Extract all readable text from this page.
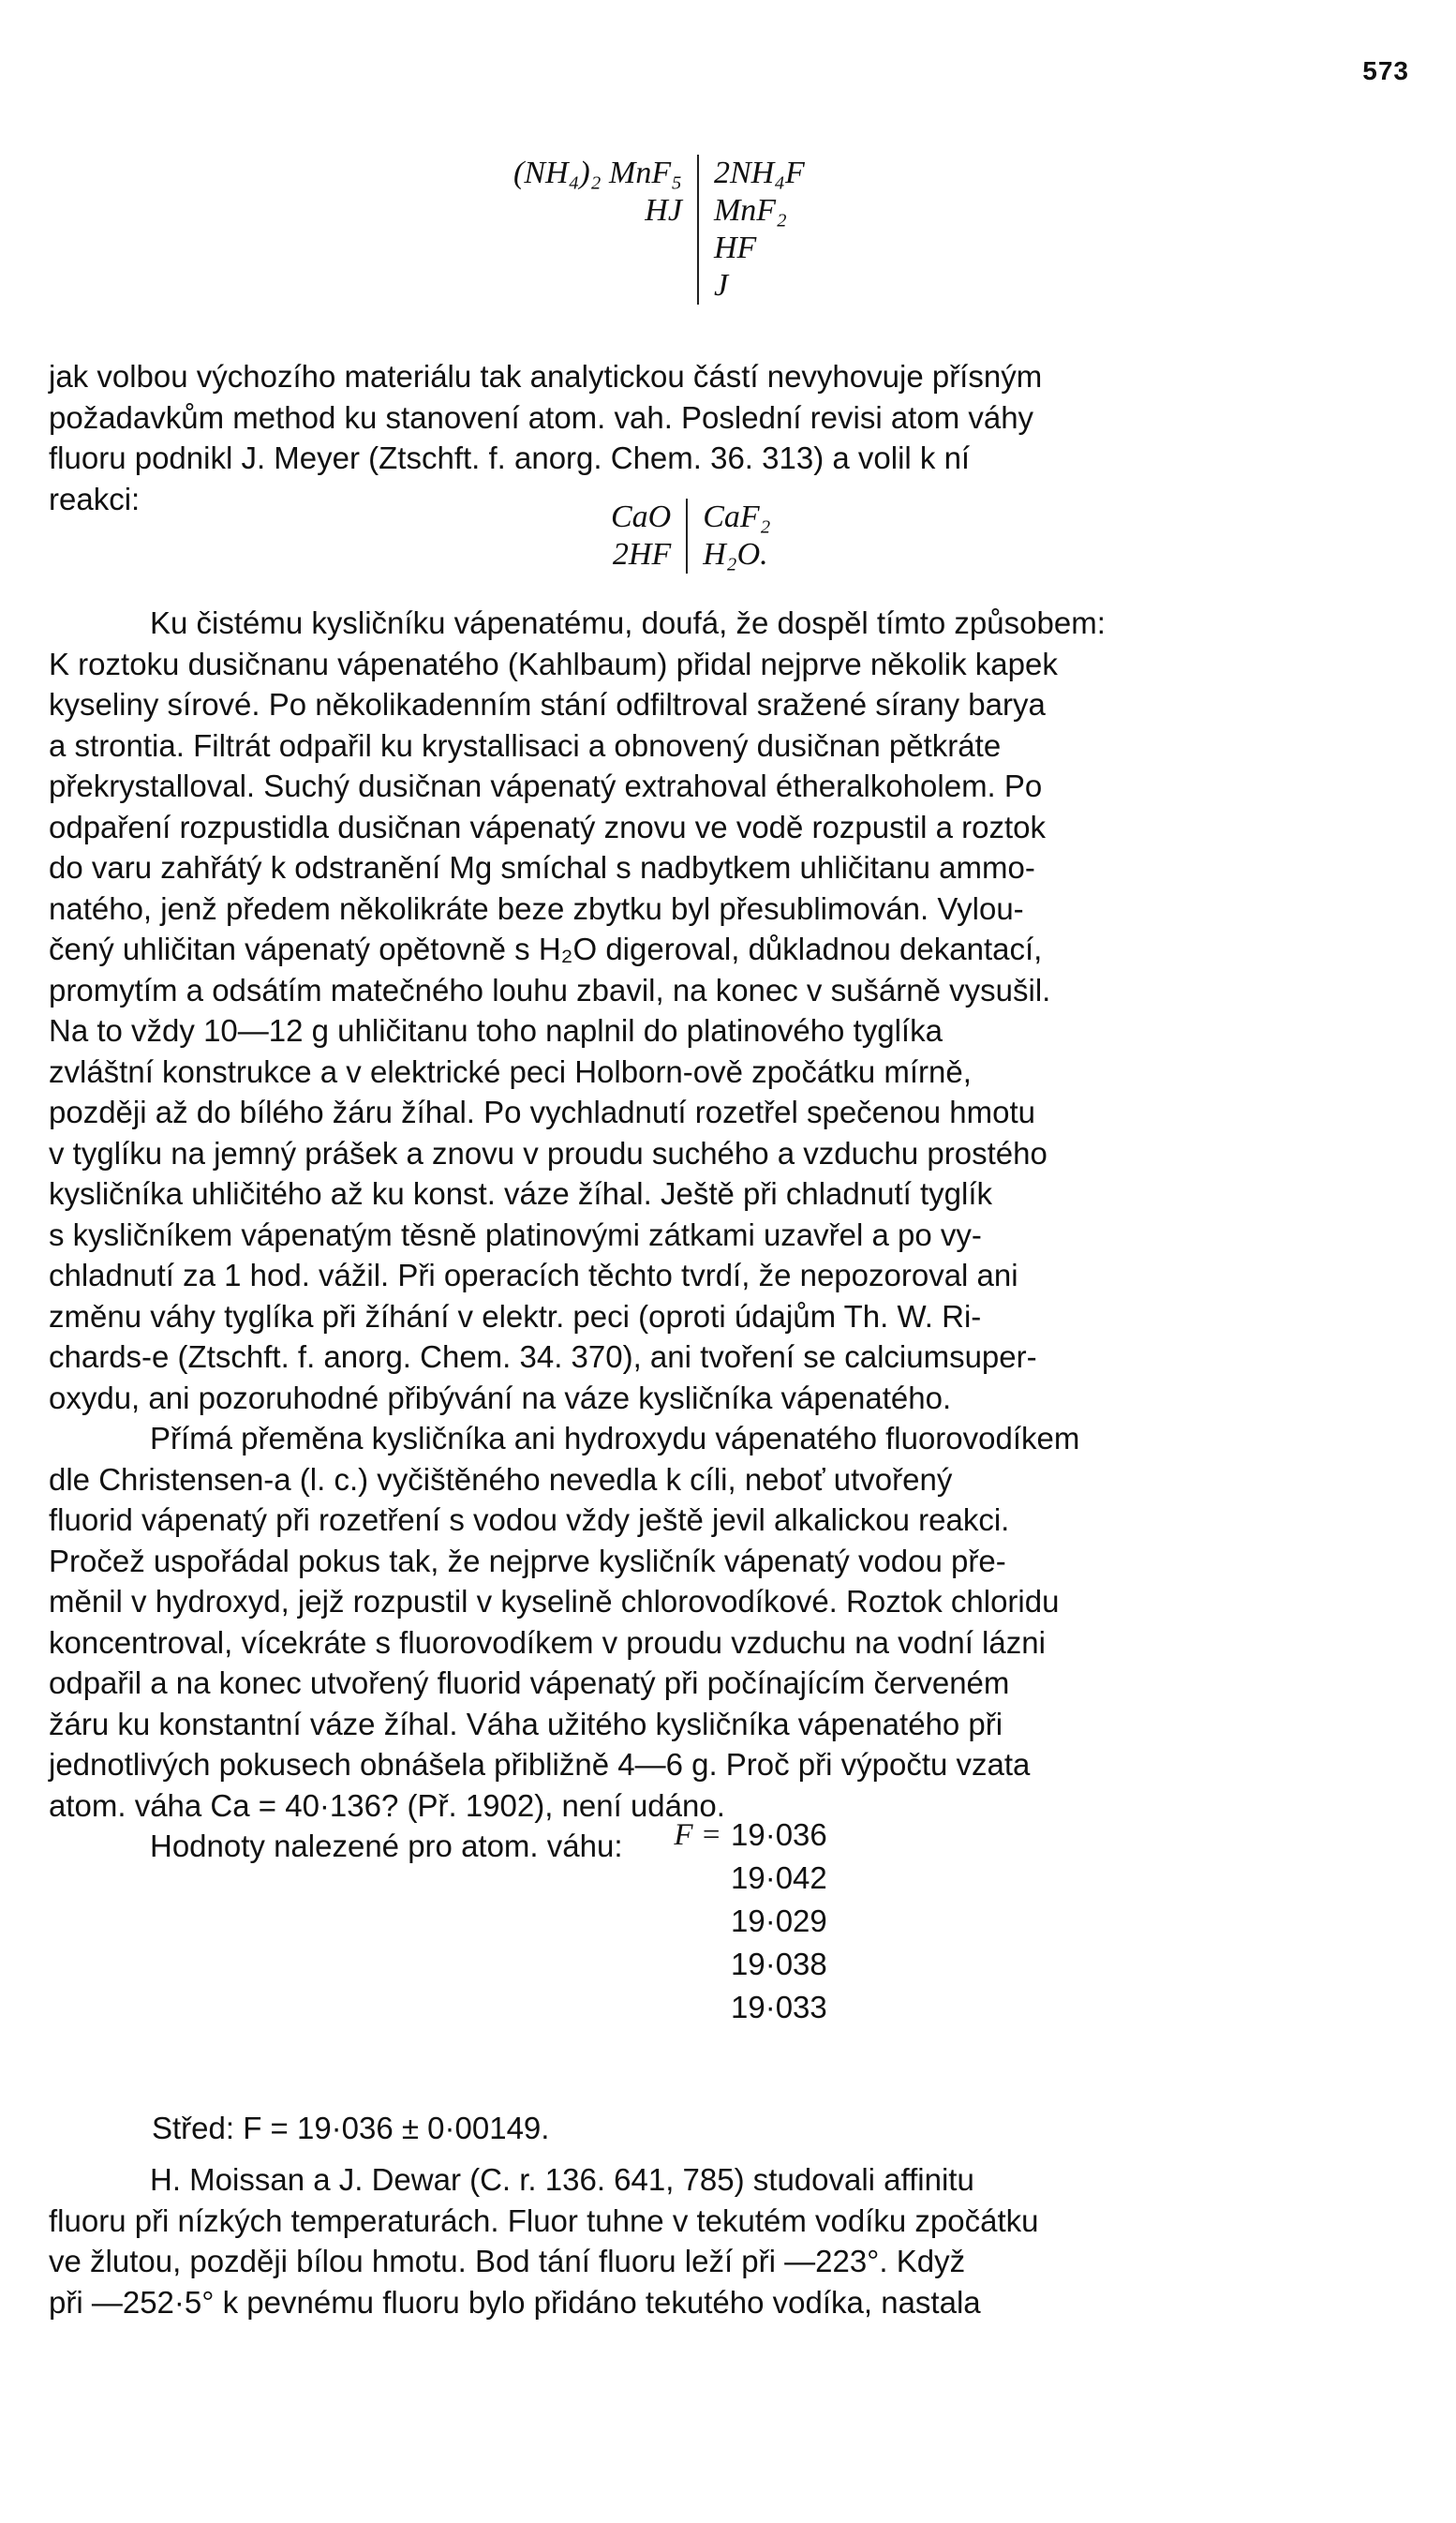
573
(NH₄)₂ MnF₅
HJ
2NH₄F
MnF₂
HF
J

jak volbou výchozího materiálu tak analytickou částí nevyhovuje přísným

požadavkům method ku stanovení atom. vah. Poslední revisi atom váhy

fluoru podnikl J. Meyer (Ztschft. f. anorg. Chem. 36. 313) a volil k ní

reakci:

CaO
2HF
CaF₂
H₂O.

Ku čistému kysličníku vápenatému, doufá, že dospěl tímto způsobem:

K roztoku dusičnanu vápenatého (Kahlbaum) přidal nejprve několik kapek

kyseliny sírové. Po několikadenním stání odfiltroval sražené sírany barya

a strontia. Filtrát odpařil ku krystallisaci a obnovený dusičnan pětkráte

překrystalloval. Suchý dusičnan vápenatý extrahoval étheralkoholem. Po

odpaření rozpustidla dusičnan vápenatý znovu ve vodě rozpustil a roztok

do varu zahřátý k odstranění Mg smíchal s nadbytkem uhličitanu ammo-

natého, jenž předem několikráte beze zbytku byl přesublimován. Vylou-

čený uhličitan vápenatý opětovně s H₂O digeroval, důkladnou dekantací,

promytím a odsátím matečného louhu zbavil, na konec v sušárně vysušil.

Na to vždy 10—12 g uhličitanu toho naplnil do platinového tyglíka

zvláštní konstrukce a v elektrické peci Holborn-ově zpočátku mírně,

později až do bílého žáru žíhal. Po vychladnutí rozetřel spečenou hmotu

v tyglíku na jemný prášek a znovu v proudu suchého a vzduchu prostého

kysličníka uhličitého až ku konst. váze žíhal. Ještě při chladnutí tyglík

s kysličníkem vápenatým těsně platinovými zátkami uzavřel a po vy-

chladnutí za 1 hod. vážil. Při operacích těchto tvrdí, že nepozoroval ani

změnu váhy tyglíka při žíhání v elektr. peci (oproti údajům Th. W. Ri-

chards-e (Ztschft. f. anorg. Chem. 34. 370), ani tvoření se calciumsuper-

oxydu, ani pozoruhodné přibývání na váze kysličníka vápenatého.

Přímá přeměna kysličníka ani hydroxydu vápenatého fluorovodíkem

dle Christensen-a (l. c.) vyčištěného nevedla k cíli, neboť utvořený

fluorid vápenatý při rozetření s vodou vždy ještě jevil alkalickou reakci.

Pročež uspořádal pokus tak, že nejprve kysličník vápenatý vodou pře-

měnil v hydroxyd, jejž rozpustil v kyselině chlorovodíkové. Roztok chloridu

koncentroval, vícekráte s fluorovodíkem v proudu vzduchu na vodní lázni

odpařil a na konec utvořený fluorid vápenatý při počínajícím červeném

žáru ku konstantní váze žíhal. Váha užitého kysličníka vápenatého při

jednotlivých pokusech obnášela přibližně 4—6 g. Proč při výpočtu vzata

atom. váha Ca = 40·136? (Př. 1902), není udáno.

Hodnoty nalezené pro atom. váhu:	F = 19·036
19·042
19·029
19·038
19·033
Střed: F = 19·036 ± 0·00149.

H. Moissan a J. Dewar (C. r. 136. 641, 785) studovali affinitu

fluoru při nízkých temperaturách. Fluor tuhne v tekutém vodíku zpočátku

ve žlutou, později bílou hmotu. Bod tání fluoru leží při —223°. Když

při —252·5° k pevnému fluoru bylo přidáno tekutého vodíka, nastala
